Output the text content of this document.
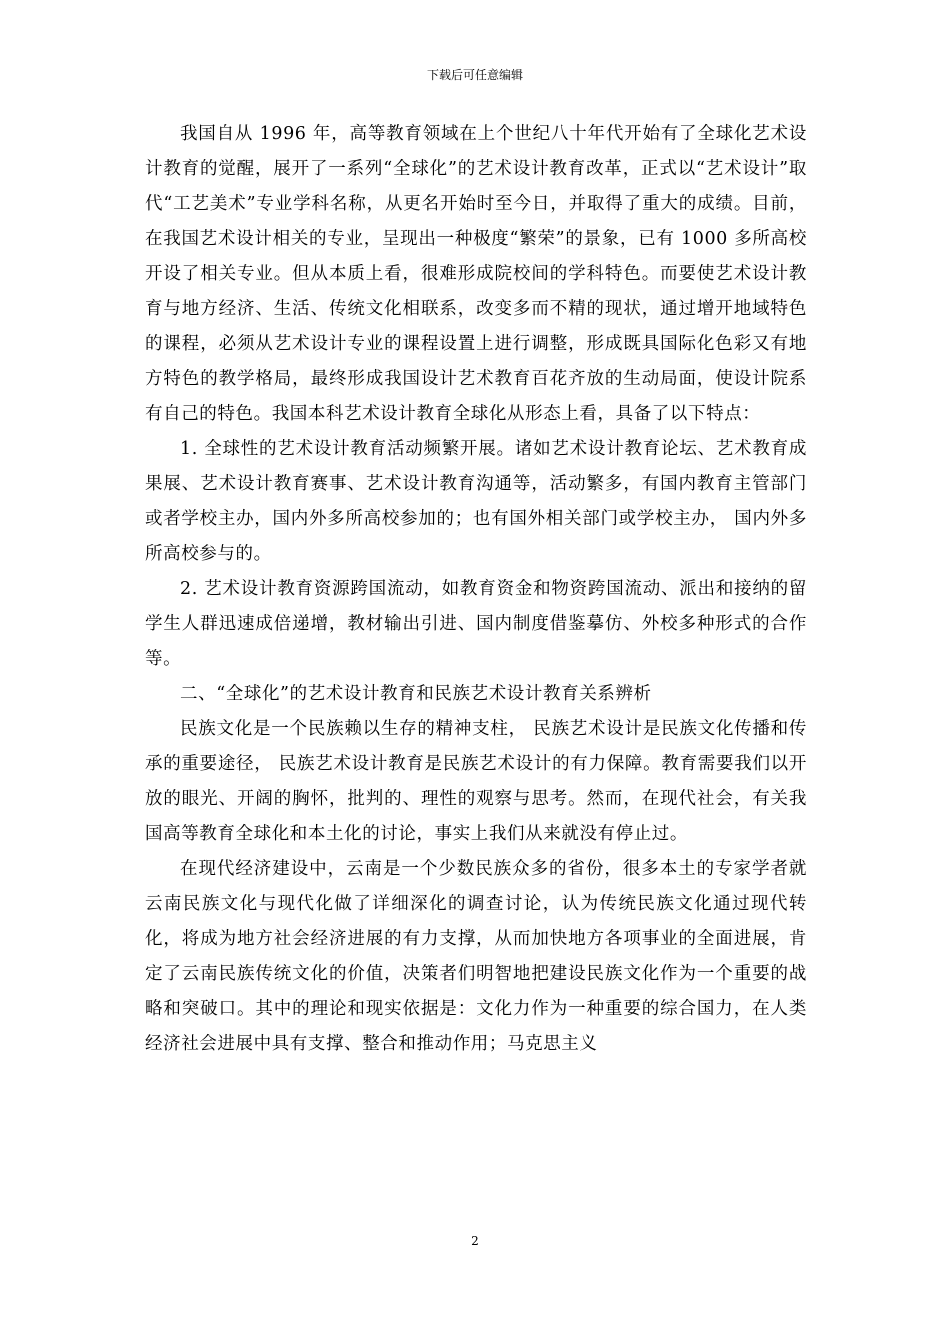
下载后可任意编辑

我国自从 1996 年，高等教育领域在上个世纪八十年代开始有了全球化艺术设计教育的觉醒，展开了一系列“全球化”的艺术设计教育改革，正式以“艺术设计”取代“工艺美术”专业学科名称，从更名开始时至今日，并取得了重大的成绩。目前，在我国艺术设计相关的专业，呈现出一种极度“繁荣”的景象，已有 1000 多所高校开设了相关专业。但从本质上看，很难形成院校间的学科特色。而要使艺术设计教育与地方经济、生活、传统文化相联系，改变多而不精的现状，通过增开地域特色的课程，必须从艺术设计专业的课程设置上进行调整，形成既具国际化色彩又有地方特色的教学格局，最终形成我国设计艺术教育百花齐放的生动局面，使设计院系有自己的特色。我国本科艺术设计教育全球化从形态上看，具备了以下特点：

1. 全球性的艺术设计教育活动频繁开展。诸如艺术设计教育论坛、艺术教育成果展、艺术设计教育赛事、艺术设计教育沟通等，活动繁多，有国内教育主管部门或者学校主办，国内外多所高校参加的；也有国外相关部门或学校主办， 国内外多所高校参与的。

2. 艺术设计教育资源跨国流动，如教育资金和物资跨国流动、派出和接纳的留学生人群迅速成倍递增，教材输出引进、国内制度借鉴摹仿、外校多种形式的合作等。

二、“全球化”的艺术设计教育和民族艺术设计教育关系辨析

民族文化是一个民族赖以生存的精神支柱， 民族艺术设计是民族文化传播和传承的重要途径， 民族艺术设计教育是民族艺术设计的有力保障。教育需要我们以开放的眼光、开阔的胸怀，批判的、理性的观察与思考。然而，在现代社会，有关我国高等教育全球化和本土化的讨论，事实上我们从来就没有停止过。

在现代经济建设中，云南是一个少数民族众多的省份，很多本土的专家学者就云南民族文化与现代化做了详细深化的调查讨论，认为传统民族文化通过现代转化，将成为地方社会经济进展的有力支撑，从而加快地方各项事业的全面进展，肯定了云南民族传统文化的价值，决策者们明智地把建设民族文化作为一个重要的战略和突破口。其中的理论和现实依据是：文化力作为一种重要的综合国力，在人类经济社会进展中具有支撑、整合和推动作用；马克思主义

2
